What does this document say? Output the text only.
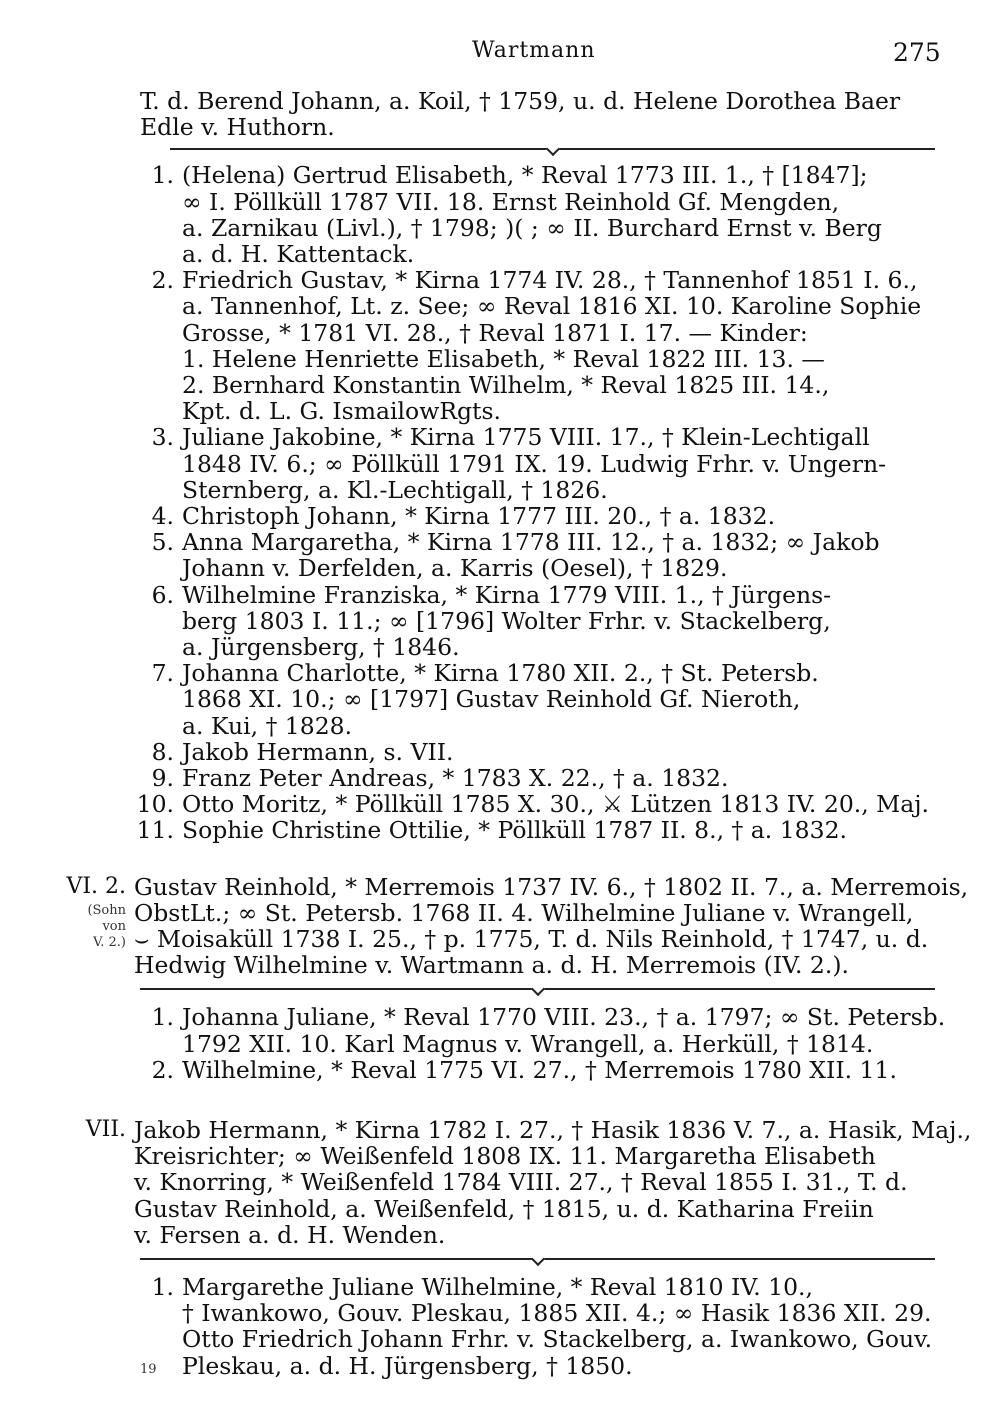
Wartmann	275
T. d. Berend Johann, a. Koil, † 1759, u. d. Helene Dorothea Baer
Edle v. Huthorn.
1. (Helena) Gertrud Elisabeth, * Reval 1773 III. 1., † [1847];
∞ I. Pöllküll 1787 VII. 18. Ernst Reinhold Gf. Mengden,
a. Zarnikau (Livl.), † 1798; )( ; ∞ II. Burchard Ernst v. Berg
a. d. H. Kattentack.
2. Friedrich Gustav, * Kirna 1774 IV. 28., † Tannenhof 1851 I. 6.,
a. Tannenhof, Lt. z. See; ∞ Reval 1816 XI. 10. Karoline Sophie
Grosse, * 1781 VI. 28., † Reval 1871 I. 17. — Kinder:
1. Helene Henriette Elisabeth, * Reval 1822 III. 13. —
2. Bernhard Konstantin Wilhelm, * Reval 1825 III. 14.,
Kpt. d. L. G. IsmailowRgts.
3. Juliane Jakobine, * Kirna 1775 VIII. 17., † Klein-Lechtigall
1848 IV. 6.; ∞ Pöllküll 1791 IX. 19. Ludwig Frhr. v. Ungern-
Sternberg, a. Kl.-Lechtigall, † 1826.
4. Christoph Johann, * Kirna 1777 III. 20., † a. 1832.
5. Anna Margaretha, * Kirna 1778 III. 12., † a. 1832; ∞ Jakob
Johann v. Derfelden, a. Karris (Oesel), † 1829.
6. Wilhelmine Franziska, * Kirna 1779 VIII. 1., † Jürgens-
berg 1803 I. 11.; ∞ [1796] Wolter Frhr. v. Stackelberg,
a. Jürgensberg, † 1846.
7. Johanna Charlotte, * Kirna 1780 XII. 2., † St. Petersb.
1868 XI. 10.; ∞ [1797] Gustav Reinhold Gf. Nieroth,
a. Kui, † 1828.
8. Jakob Hermann, s. VII.
9. Franz Peter Andreas, * 1783 X. 22., † a. 1832.
10. Otto Moritz, * Pöllküll 1785 X. 30., ⚔ Lützen 1813 IV. 20., Maj.
11. Sophie Christine Ottilie, * Pöllküll 1787 II. 8., † a. 1832.
VI. 2.
(Sohn
von
V. 2.)
Gustav Reinhold, * Merremois 1737 IV. 6., † 1802 II. 7., a. Merremois,
ObstLt.; ∞ St. Petersb. 1768 II. 4. Wilhelmine Juliane v. Wrangell,
⌣ Moisaküll 1738 I. 25., † p. 1775, T. d. Nils Reinhold, † 1747, u. d.
Hedwig Wilhelmine v. Wartmann a. d. H. Merremois (IV. 2.).
1. Johanna Juliane, * Reval 1770 VIII. 23., † a. 1797; ∞ St. Petersb.
1792 XII. 10. Karl Magnus v. Wrangell, a. Herküll, † 1814.
2. Wilhelmine, * Reval 1775 VI. 27., † Merremois 1780 XII. 11.
VII. Jakob Hermann, * Kirna 1782 I. 27., † Hasik 1836 V. 7., a. Hasik, Maj.,
Kreisrichter; ∞ Weißenfeld 1808 IX. 11. Margaretha Elisabeth
v. Knorring, * Weißenfeld 1784 VIII. 27., † Reval 1855 I. 31., T. d.
Gustav Reinhold, a. Weißenfeld, † 1815, u. d. Katharina Freiin
v. Fersen a. d. H. Wenden.
1. Margarethe Juliane Wilhelmine, * Reval 1810 IV. 10.,
† Iwankowo, Gouv. Pleskau, 1885 XII. 4.; ∞ Hasik 1836 XII. 29.
Otto Friedrich Johann Frhr. v. Stackelberg, a. Iwankowo, Gouv.
Pleskau, a. d. H. Jürgensberg, † 1850.
19
